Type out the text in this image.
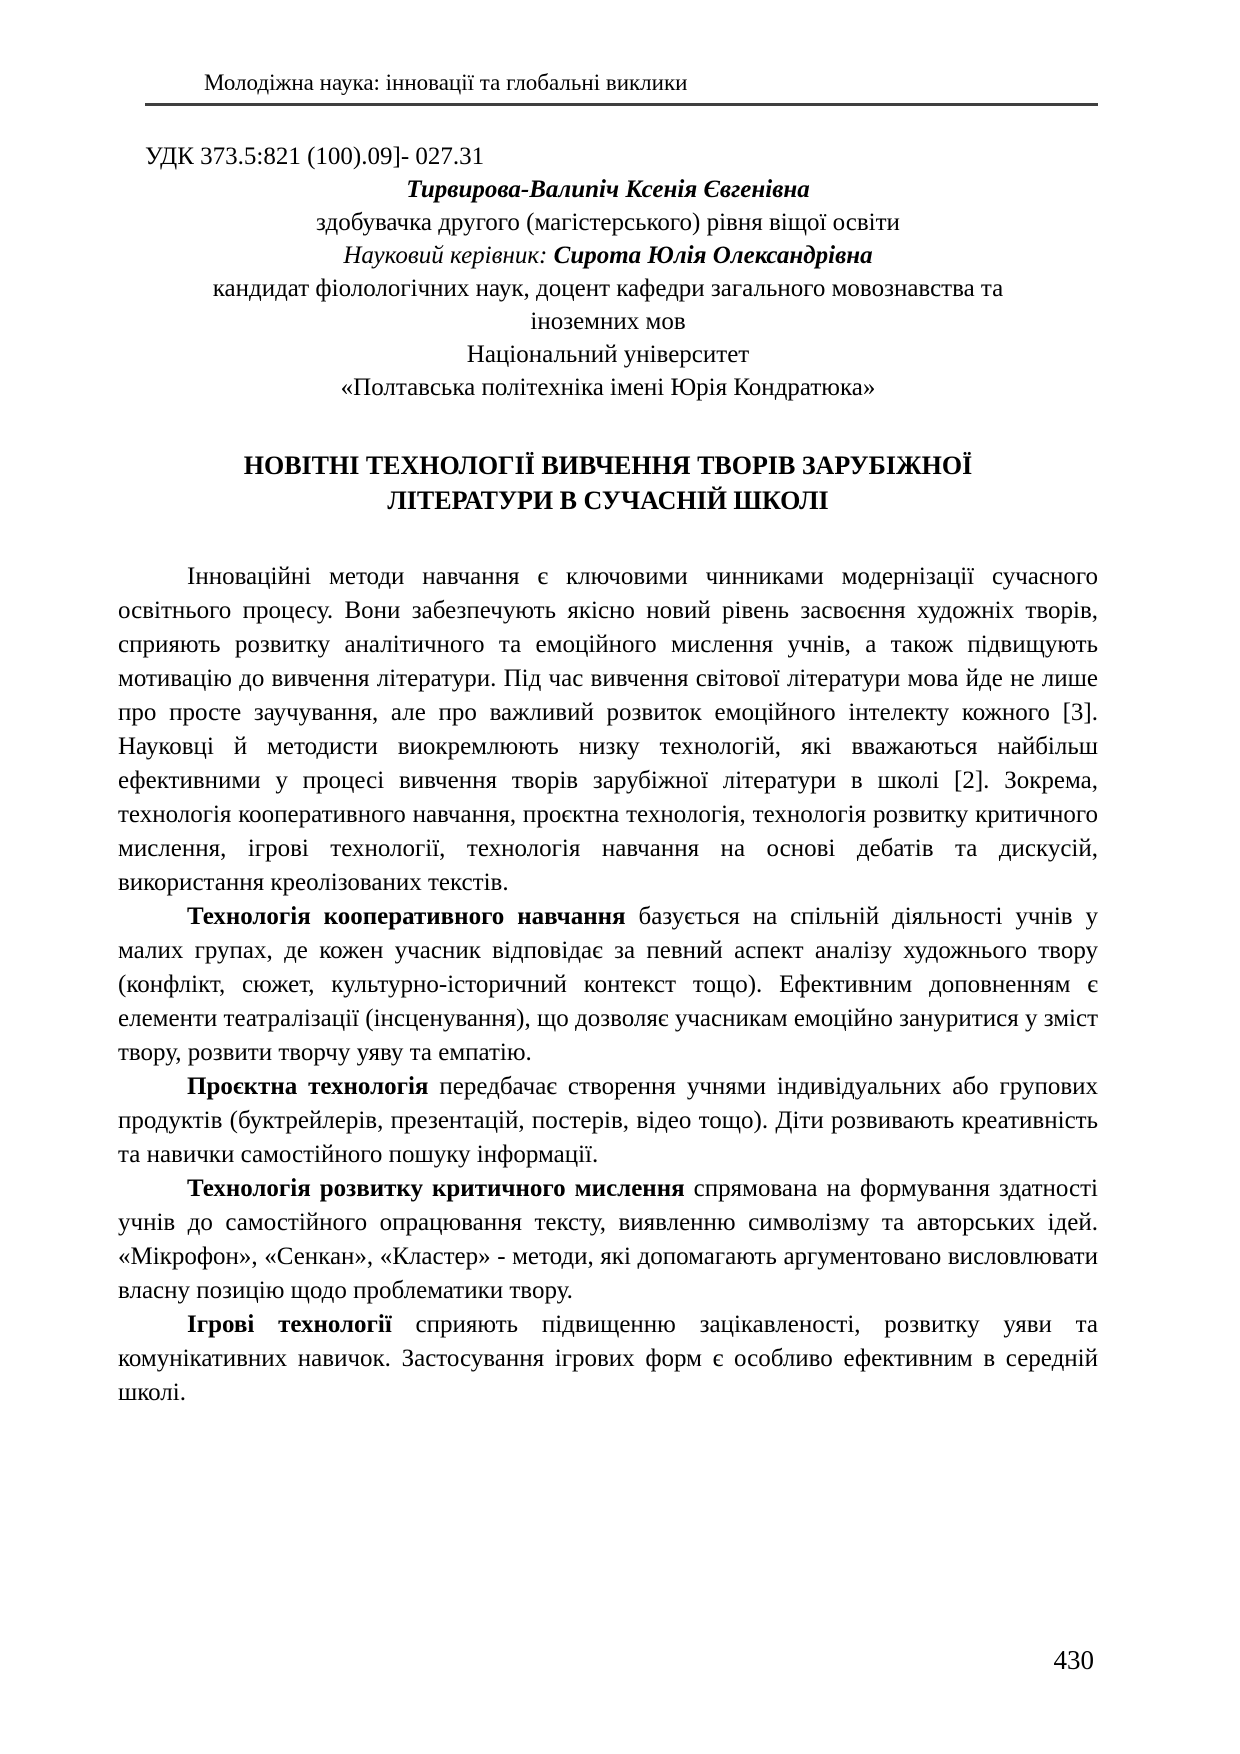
Молодіжна наука: інновації та глобальні виклики
УДК 373.5:821 (100).09]- 027.31
Тирвирова-Валипіч Ксенія Євгенівна
здобувачка другого (магістерського) рівня віщої освіти
Науковий керівник: Сирота Юлія Олександрівна
кандидат фіолологічних наук, доцент кафедри загального мовознавства та
іноземних мов
Національний університет
«Полтавська політехніка імені Юрія Кондратюка»
НОВІТНІ ТЕХНОЛОГІЇ ВИВЧЕННЯ ТВОРІВ ЗАРУБІЖНОЇ
ЛІТЕРАТУРИ В СУЧАСНІЙ ШКОЛІ

Інноваційні методи навчання є ключовими чинниками модернізації сучасного освітнього процесу. Вони забезпечують якісно новий рівень засвоєння художніх творів, сприяють розвитку аналітичного та емоційного мислення учнів, а також підвищують мотивацію до вивчення літератури. Під час вивчення світової літератури мова йде не лише про просте заучування, але про важливий розвиток емоційного інтелекту кожного [3]. Науковці й методисти виокремлюють низку технологій, які вважаються найбільш ефективними у процесі вивчення творів зарубіжної літератури в школі [2]. Зокрема, технологія кооперативного навчання, проєктна технологія, технологія розвитку критичного мислення, ігрові технології, технологія навчання на основі дебатів та дискусій, використання креолізованих текстів.

Технологія кооперативного навчання базується на спільній діяльності учнів у малих групах, де кожен учасник відповідає за певний аспект аналізу художнього твору (конфлікт, сюжет, культурно-історичний контекст тощо). Ефективним доповненням є елементи театралізації (інсценування), що дозволяє учасникам емоційно зануритися у зміст твору, розвити творчу уяву та емпатію.

Проєктна технологія передбачає створення учнями індивідуальних або групових продуктів (буктрейлерів, презентацій, постерів, відео тощо). Діти розвивають креативність та навички самостійного пошуку інформації.

Технологія розвитку критичного мислення спрямована на формування здатності учнів до самостійного опрацювання тексту, виявленню символізму та авторських ідей. «Мікрофон», «Сенкан», «Кластер» - методи, які допомагають аргументовано висловлювати власну позицію щодо проблематики твору.

Ігрові технології сприяють підвищенню зацікавленості, розвитку уяви та комунікативних навичок. Застосування ігрових форм є особливо ефективним в середній школі.

430
